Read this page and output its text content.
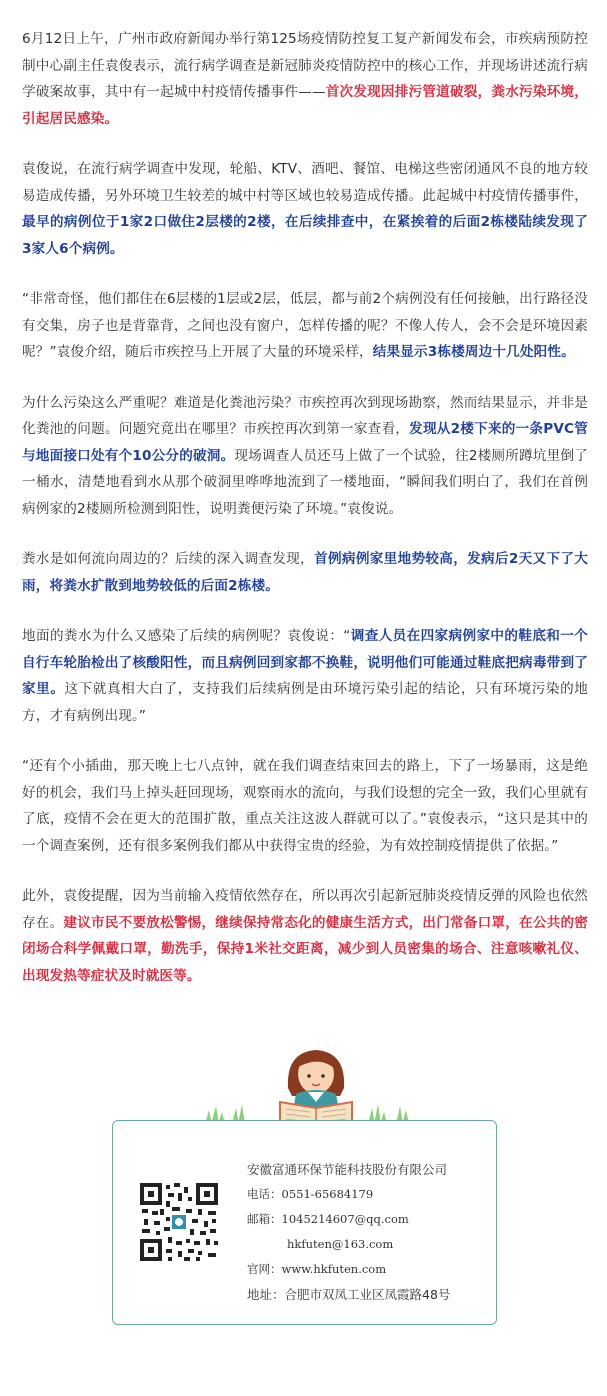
6月12日上午，广州市政府新闻办举行第125场疫情防控复工复产新闻发布会，市疾病预防控制中心副主任袁俊表示，流行病学调查是新冠肺炎疫情防控中的核心工作，并现场讲述流行病学破案故事，其中有一起城中村疫情传播事件——首次发现因排污管道破裂，粪水污染环境，引起居民感染。

袁俊说，在流行病学调查中发现，轮船、KTV、酒吧、餐馆、电梯这些密闭通风不良的地方较易造成传播，另外环境卫生较差的城中村等区域也较易造成传播。此起城中村疫情传播事件，最早的病例位于1家2口做住2层楼的2楼，在后续排查中，在紧挨着的后面2栋楼陆续发现了3家人6个病例。

“非常奇怪，他们都住在6层楼的1层或2层，低层，都与前2个病例没有任何接触，出行路径没有交集，房子也是背靠背，之间也没有窗户，怎样传播的呢？不像人传人，会不会是环境因素呢？”袁俊介绍，随后市疾控马上开展了大量的环境采样，结果显示3栋楼周边十几处阳性。

为什么污染这么严重呢？难道是化粪池污染？市疾控再次到现场勘察，然而结果显示，并非是化粪池的问题。问题究竟出在哪里？市疾控再次到第一家查看，发现从2楼下来的一条PVC管与地面接口处有个10公分的破洞。现场调查人员还马上做了一个试验，往2楼厕所蹲坑里倒了一桶水，清楚地看到水从那个破洞里哗哗地流到了一楼地面，“瞬间我们明白了，我们在首例病例家的2楼厕所检测到阳性，说明粪便污染了环境。”袁俊说。

粪水是如何流向周边的？后续的深入调查发现，首例病例家里地势较高，发病后2天又下了大雨，将粪水扩散到地势较低的后面2栋楼。

地面的粪水为什么又感染了后续的病例呢？袁俊说：“调查人员在四家病例家中的鞋底和一个自行车轮胎检出了核酸阳性，而且病例回到家都不换鞋，说明他们可能通过鞋底把病毒带到了家里。这下就真相大白了，支持我们后续病例是由环境污染引起的结论，只有环境污染的地方，才有病例出现。”

“还有个小插曲，那天晚上七八点钟，就在我们调查结束回去的路上，下了一场暴雨，这是绝好的机会，我们马上掉头赶回现场，观察雨水的流向，与我们设想的完全一致，我们心里就有了底，疫情不会在更大的范围扩散，重点关注这波人群就可以了。”袁俊表示，“这只是其中的一个调查案例，还有很多案例我们都从中获得宝贵的经验，为有效控制疫情提供了依据。”

此外，袁俊提醒，因为当前输入疫情依然存在，所以再次引起新冠肺炎疫情反弹的风险也依然存在。建议市民不要放松警惕，继续保持常态化的健康生活方式，出门常备口罩，在公共的密闭场合科学佩戴口罩，勤洗手，保持1米社交距离，减少到人员密集的场合、注意咳嗽礼仪、出现发热等症状及时就医等。

安徽富通环保节能科技股份有限公司
电话：0551-65684179
邮箱：1045214607@qq.com
hkfuten@163.com
官网：www.hkfuten.com
地址：合肥市双凤工业区凤霞路48号
